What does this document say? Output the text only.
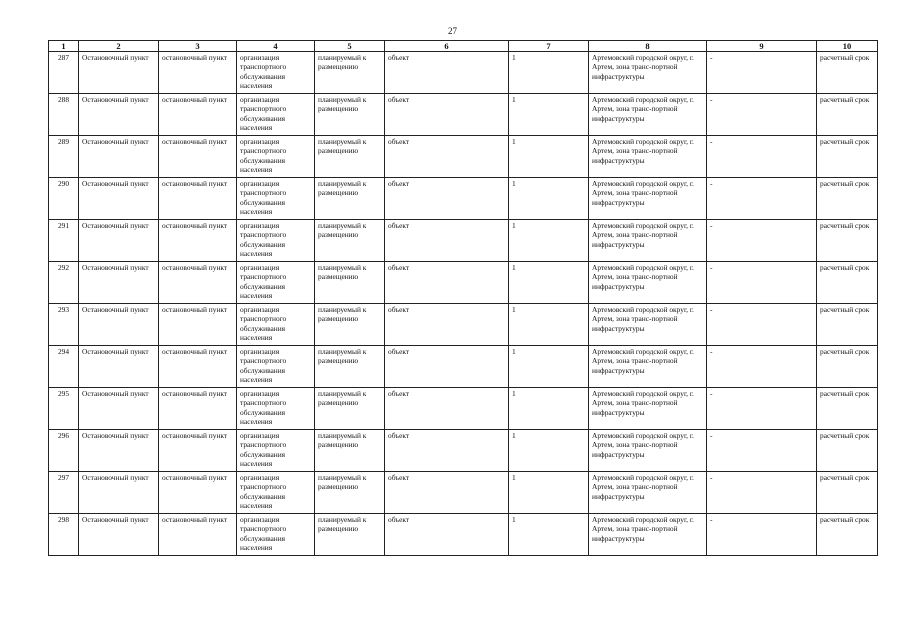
27
1	2	3	4	5	6	7	8	9	10
287	Остановочный пункт	остановочный пункт	организация транспортного обслуживания населения	планируемый к размещению	объект	1	Артемовский городской округ, г. Артем, зона транс-портной инфраструктуры	-	расчетный срок
288	Остановочный пункт	остановочный пункт	организация транспортного обслуживания населения	планируемый к размещению	объект	1	Артемовский городской округ, г. Артем, зона транс-портной инфраструктуры	-	расчетный срок
289	Остановочный пункт	остановочный пункт	организация транспортного обслуживания населения	планируемый к размещению	объект	1	Артемовский городской округ, г. Артем, зона транс-портной инфраструктуры	-	расчетный срок
290	Остановочный пункт	остановочный пункт	организация транспортного обслуживания населения	планируемый к размещению	объект	1	Артемовский городской округ, г. Артем, зона транс-портной инфраструктуры	-	расчетный срок
291	Остановочный пункт	остановочный пункт	организация транспортного обслуживания населения	планируемый к размещению	объект	1	Артемовский городской округ, г. Артем, зона транс-портной инфраструктуры	-	расчетный срок
292	Остановочный пункт	остановочный пункт	организация транспортного обслуживания населения	планируемый к размещению	объект	1	Артемовский городской округ, г. Артем, зона транс-портной инфраструктуры	-	расчетный срок
293	Остановочный пункт	остановочный пункт	организация транспортного обслуживания населения	планируемый к размещению	объект	1	Артемовский городской округ, г. Артем, зона транс-портной инфраструктуры	-	расчетный срок
294	Остановочный пункт	остановочный пункт	организация транспортного обслуживания населения	планируемый к размещению	объект	1	Артемовский городской округ, г. Артем, зона транс-портной инфраструктуры	-	расчетный срок
295	Остановочный пункт	остановочный пункт	организация транспортного обслуживания населения	планируемый к размещению	объект	1	Артемовский городской округ, г. Артем, зона транс-портной инфраструктуры	-	расчетный срок
296	Остановочный пункт	остановочный пункт	организация транспортного обслуживания населения	планируемый к размещению	объект	1	Артемовский городской округ, г. Артем, зона транс-портной инфраструктуры	-	расчетный срок
297	Остановочный пункт	остановочный пункт	организация транспортного обслуживания населения	планируемый к размещению	объект	1	Артемовский городской округ, г. Артем, зона транс-портной инфраструктуры	-	расчетный срок
298	Остановочный пункт	остановочный пункт	организация транспортного обслуживания населения	планируемый к размещению	объект	1	Артемовский городской округ, г. Артем, зона транс-портной инфраструктуры	-	расчетный срок
